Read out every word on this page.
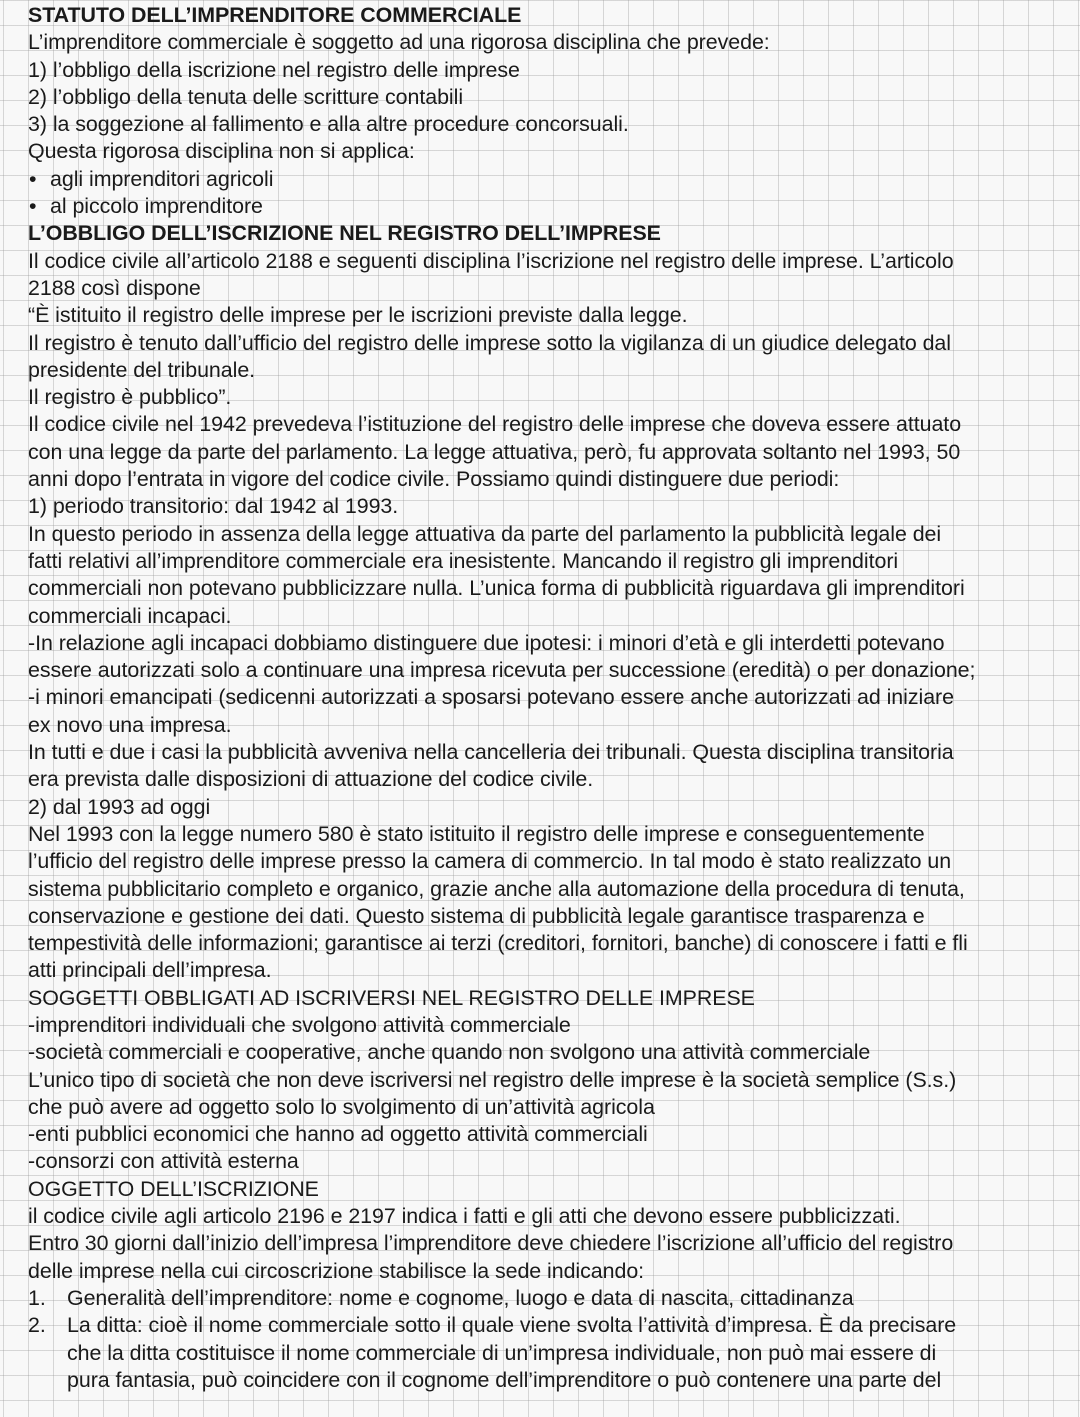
STATUTO DELL’IMPRENDITORE COMMERCIALE
L’imprenditore commerciale è soggetto ad una rigorosa disciplina che prevede:
1) l’obbligo della iscrizione nel registro delle imprese
2) l’obbligo della tenuta delle scritture contabili
3) la soggezione al fallimento e alla altre procedure concorsuali.
Questa rigorosa disciplina non si applica:
• agli imprenditori agricoli
• al piccolo imprenditore
L’OBBLIGO DELL’ISCRIZIONE NEL REGISTRO DELL’IMPRESE
Il codice civile all’articolo 2188 e seguenti disciplina l’iscrizione nel registro delle imprese. L’articolo
2188 così dispone
“È istituito il registro delle imprese per le iscrizioni previste dalla legge.
Il registro è tenuto dall’ufficio del registro delle imprese sotto la vigilanza di un giudice delegato dal
presidente del tribunale.
Il registro è pubblico”.
Il codice civile nel 1942 prevedeva l’istituzione del registro delle imprese che doveva essere attuato
con una legge da parte del parlamento. La legge attuativa, però, fu approvata soltanto nel 1993, 50
anni dopo l’entrata in vigore del codice civile. Possiamo quindi distinguere due periodi:
1) periodo transitorio: dal 1942 al 1993.
In questo periodo in assenza della legge attuativa da parte del parlamento la pubblicità legale dei
fatti relativi all’imprenditore commerciale era inesistente. Mancando il registro gli imprenditori
commerciali non potevano pubblicizzare nulla. L’unica forma di pubblicità riguardava gli imprenditori
commerciali incapaci.
-In relazione agli incapaci dobbiamo distinguere due ipotesi: i minori d’età e gli interdetti potevano
essere autorizzati solo a continuare una impresa ricevuta per successione (eredità) o per donazione;
-i minori emancipati (sedicenni autorizzati a sposarsi potevano essere anche autorizzati ad iniziare
ex novo una impresa.
In tutti e due i casi la pubblicità avveniva nella cancelleria dei tribunali. Questa disciplina transitoria
era prevista dalle disposizioni di attuazione del codice civile.
2) dal 1993 ad oggi
Nel 1993 con la legge numero 580 è stato istituito il registro delle imprese e conseguentemente
l’ufficio del registro delle imprese presso la camera di commercio. In tal modo è stato realizzato un
sistema pubblicitario completo e organico, grazie anche alla automazione della procedura di tenuta,
conservazione e gestione dei dati. Questo sistema di pubblicità legale garantisce trasparenza e
tempestività delle informazioni; garantisce ai terzi (creditori, fornitori, banche) di conoscere i fatti e fli
atti principali dell’impresa.
SOGGETTI OBBLIGATI AD ISCRIVERSI NEL REGISTRO DELLE IMPRESE
-imprenditori individuali che svolgono attività commerciale
-società commerciali e cooperative, anche quando non svolgono una attività commerciale
L’unico tipo di società che non deve iscriversi nel registro delle imprese è la società semplice (S.s.)
che può avere ad oggetto solo lo svolgimento di un’attività agricola
-enti pubblici economici che hanno ad oggetto attività commerciali
-consorzi con attività esterna
OGGETTO DELL’ISCRIZIONE
il codice civile agli articolo 2196 e 2197 indica i fatti e gli atti che devono essere pubblicizzati.
Entro 30 giorni dall’inizio dell’impresa l’imprenditore deve chiedere l’iscrizione all’ufficio del registro
delle imprese nella cui circoscrizione stabilisce la sede indicando:
1. Generalità dell’imprenditore: nome e cognome, luogo e data di nascita, cittadinanza
2. La ditta: cioè il nome commerciale sotto il quale viene svolta l’attività d’impresa. È da precisare
che la ditta costituisce il nome commerciale di un’impresa individuale, non può mai essere di
pura fantasia, può coincidere con il cognome dell’imprenditore o può contenere una parte del
